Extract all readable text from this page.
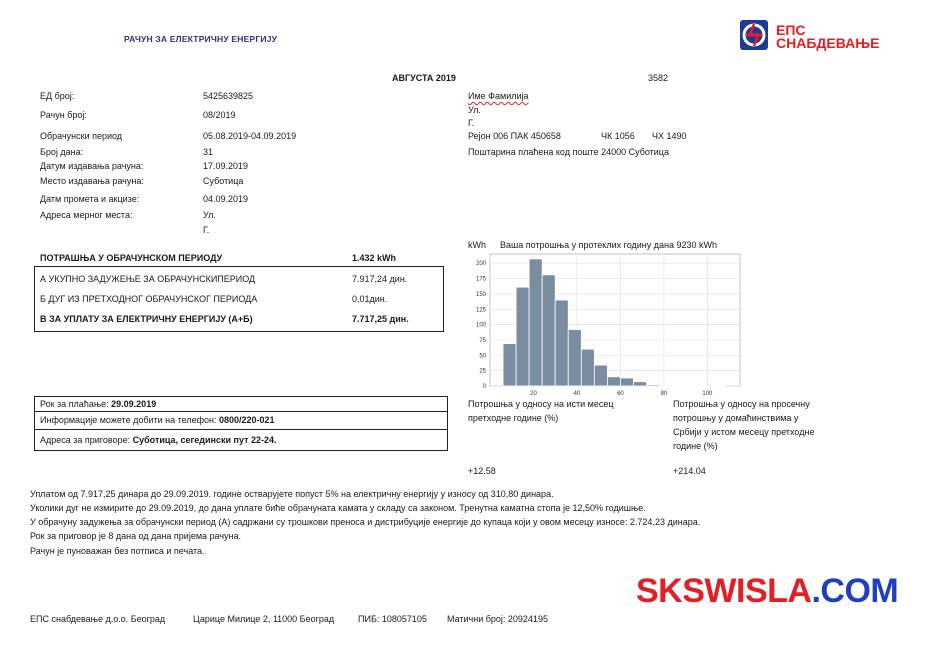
РАЧУН ЗА ЕЛЕКТРИЧНУ ЕНЕРГИЈУ
ЕПС
СНАБДЕВАЊЕ
АВГУСТА 2019	3582
ЕД број:	5425639825
Рачун број:	08/2019
Обрачунски период	05.08.2019-04.09.2019
Број дана:	31
Датум издавања рачуна:	17.09.2019
Место издавања рачуна:	Суботица
Датм промета и акцизе:	04.09.2019
Адреса мерног места:	Ул.
Г.
Име Фамилија
Ул.
Г.
Рејон 006 ПАК 450658	ЧК 1056 ЧХ 1490
Поштарина плаћена код поште 24000 Суботица
ПОТРАШЊА У ОБРАЧУНСКОМ ПЕРИОДУ	1.432 kWh
А УКУПНО ЗАДУЖЕЊЕ ЗА ОБРАЧУНСКИПЕРИОД	7.917,24 дин.
Б ДУГ ИЗ ПРЕТХОДНОГ ОБРАЧУНСКОГ ПЕРИОДА	0,01дин.
В ЗА УПЛАТУ ЗА ЕЛЕКТРИЧНУ ЕНЕРГИЈУ (А+Б)	7.717,25 дин.
kWh Ваша потрошња у протеклих годину дана 9230 kWh
0
25
50
75
100
125
150
175
200
20	40	60	80	100
Рок за плаћање: 29.09.2019
Информације можете добити на телефон: 0800/220-021
Адреса за приговоре: Суботица, сегедински пут 22-24.
Потрошња у односу на исти месец
претходне године (%)
+12.58
Потрошња у односу на просечну
потрошњу у домаћинствима у
Србији у истом месецу претходне
године (%)
+214.04
Уплатом од 7.917,25 динара до 29.09.2019. године остварујете попуст 5% на електричну енергију у износу од 310,80 динара.
Уколики дуг не измирите до 29.09.2019, до дана уплате биће обрачуната камата у складу са законом. Тренутна каматна стопа је 12,50% годишње.
У обрачуну задужења за обрачунски период (А) садржани су трошкови преноса и дистрибуције енергије до купаца који у овом месецу износе: 2.724,23 динара.
Рок за приговор је 8 дана од дана пријема рачуна.
Рачун је пуноважан без потписа и печата.
SKSWISLA.COM
ЕПС снабдевање д.о.о. Београд	Царице Милице 2, 11000 Београд	ПИБ: 108057105 Матични број: 20924195
